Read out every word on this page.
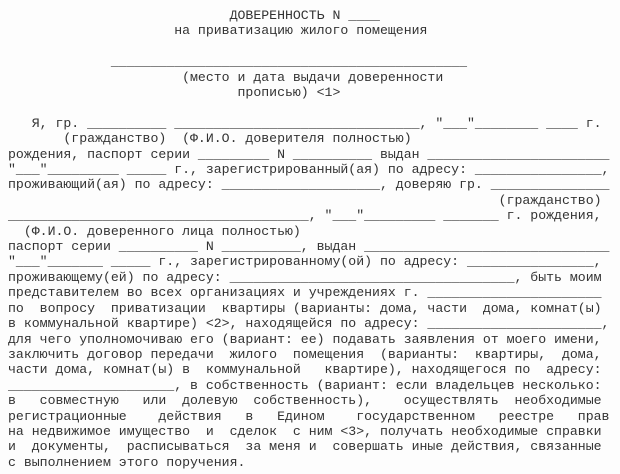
ДОВЕРЕННОСТЬ N ____
на приватизацию жилого помещения
_____________________________________________
(место и дата выдачи доверенности
прописью) <1>
Я, гр. __________ _______________________________, "___"________ ____ г.
(гражданство)  (Ф.И.О. доверителя полностью)
рождения, паспорт серии _________ N __________ выдан _______________________
"___"_________ _____ г., зарегистрированный(ая) по адресу: ________________,
проживающий(ая) по адресу: ____________________, доверяю гр. _______________
(гражданство)
______________________________________, "___"_________ _______ г. рождения,
(Ф.И.О. доверенного лица полностью)
паспорт серии __________ N __________, выдан _______________________________
"___"_______ _____ г., зарегистрированному(ой) по адресу: ________________,
проживающему(ей) по адресу: ____________________________________, быть моим
представителем во всех организациях и учреждениях г. ______________________
по  вопросу  приватизации  квартиры (варианты: дома, части  дома, комнат(ы)
в коммунальной квартире) <2>, находящейся по адресу: ______________________,
для чего уполномочиваю его (вариант: ее) подавать заявления от моего имени,
заключить договор передачи  жилого  помещения  (варианты:  квартиры,  дома,
части дома, комнат(ы) в  коммунальной   квартире), находящегося по  адресу:
_____________________, в собственность (вариант: если владельцев несколько:
в   совместную   или  долевую  собственность),    осуществлять  необходимые
регистрационные    действия   в   Едином    государственном   реестре   прав
на недвижимое имущество  и  сделок  с ним <3>, получать необходимые справки
и  документы,  расписываться  за меня и  совершать иные действия, связанные
с выполнением этого поручения.
